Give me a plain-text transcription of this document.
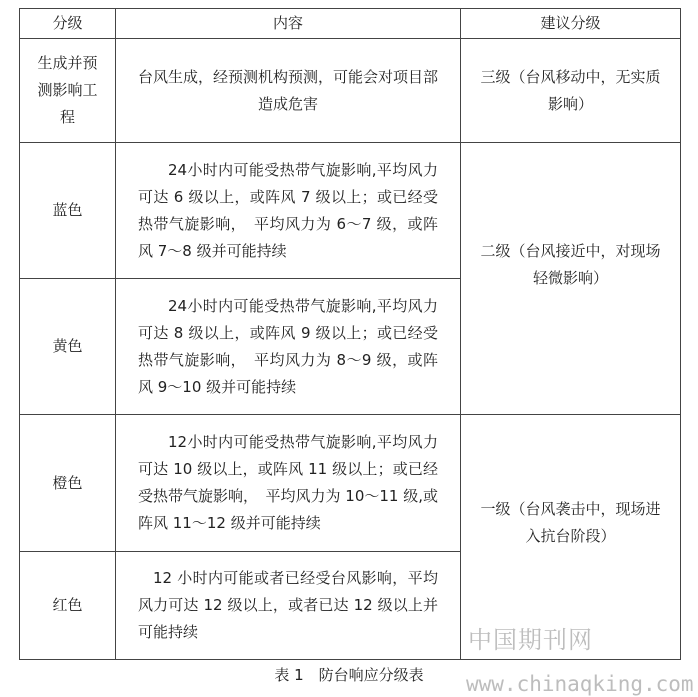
分级	内容	建议分级

生成并预测影响工程	台风生成，经预测机构预测，可能会对项目部造成危害	三级（台风移动中，无实质影响）

蓝色	24小时内可能受热带气旋影响,平均风力可达 6 级以上，或阵风 7 级以上；或已经受热带气旋影响，　平均风力为 6～7 级，或阵风 7～8 级并可能持续	二级（台风接近中，对现场轻微影响）

黄色	24小时内可能受热带气旋影响,平均风力可达 8 级以上，或阵风 9 级以上；或已经受热带气旋影响，　平均风力为 8～9 级，或阵风 9～10 级并可能持续	

橙色	12小时内可能受热带气旋影响,平均风力可达 10 级以上，或阵风 11 级以上；或已经受热带气旋影响，　平均风力为 10～11 级,或阵风 11～12 级并可能持续	一级（台风袭击中，现场进入抗台阶段）

红色	12 小时内可能或者已经受台风影响，平均风力可达 12 级以上，或者已达 12 级以上并可能持续	
表 1　防台响应分级表
中国期刊网
www.chinaqking.com
